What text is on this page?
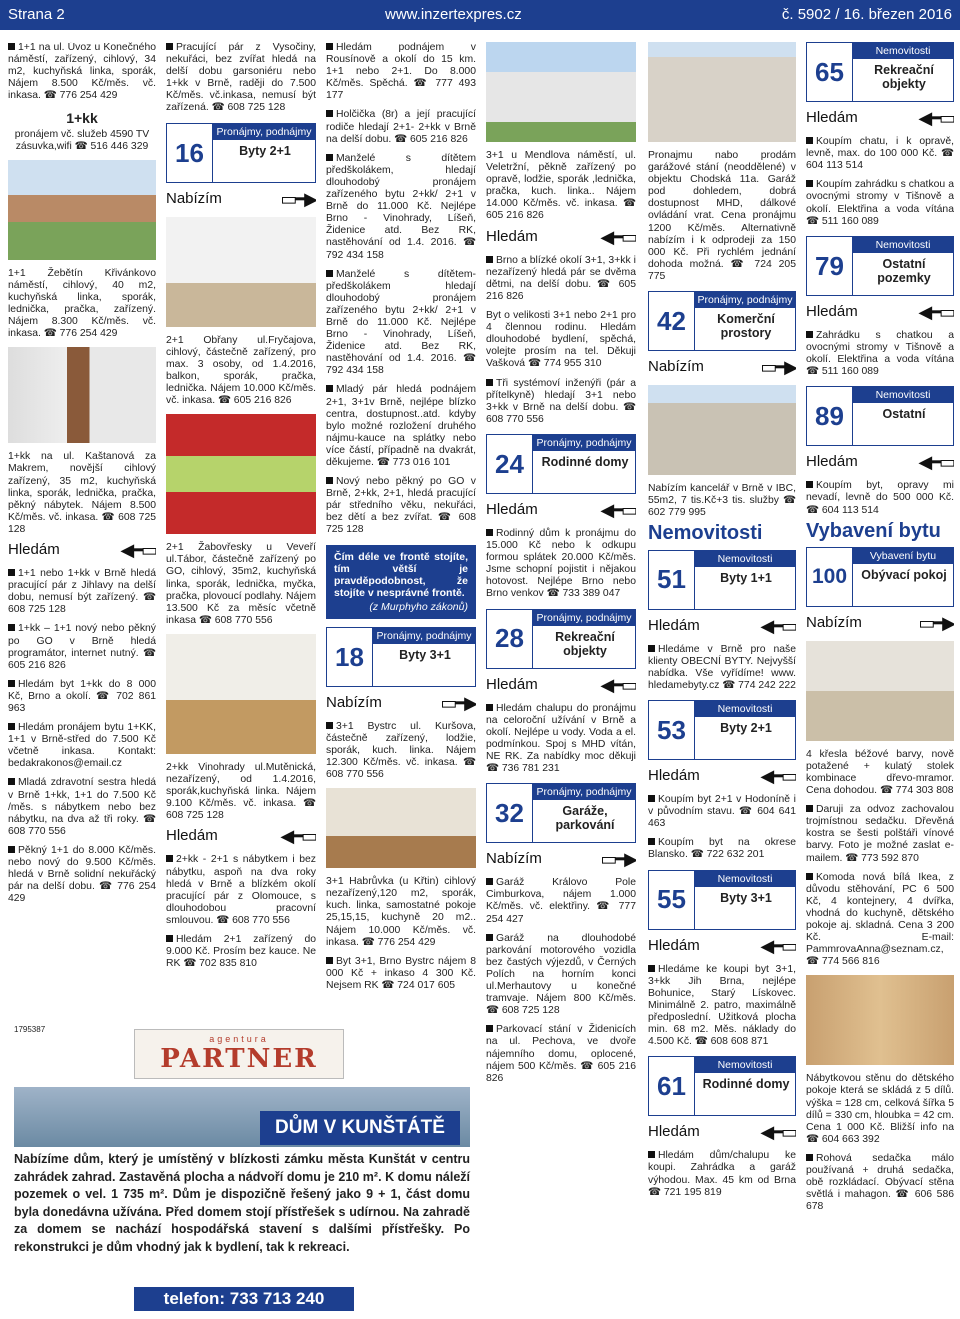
Strana 2	www.inzertexpres.cz	č. 5902 / 16. březen 2016
1+1 na ul. Úvoz u Konečného náměstí, zařízený, cihlový, 34 m2, kuchyňská linka, sporák, Nájem 8.500 Kč/měs. vč. inkasa. ☎ 776 254 429
1+kk
pronájem vč. služeb 4590 TV zásuvka,wifi ☎ 516 446 329
1+1 Žebětín Křivánkovo náměstí, cihlový, 40 m2, kuchyňská linka, sporák, lednička, pračka, zařízený. Nájem 8.300 Kč/měs. vč. inkasa. ☎ 776 254 429
1+kk na ul. Kaštanová za Makrem, novější cihlový zařízený, 35 m2, kuchyňská linka, sporák, lednička, pračka, pěkný nábytek. Nájem 8.500 Kč/měs. vč. inkasa. ☎ 608 725 128
Hledám	◀━▭
1+1 nebo 1+kk v Brně hledá pracující pár z Jihlavy na delší dobu, nemusí být zařízený. ☎ 608 725 128
1+kk – 1+1 nový nebo pěkný po GO v Brně hledá programátor, internet nutný. ☎ 605 216 826
Hledám byt 1+kk do 8 000 Kč, Brno a okolí. ☎ 702 861 963
Hledám pronájem bytu 1+KK, 1+1 v Brně-střed do 7.500 Kč včetně inkasa. Kontakt: bedakrakonos@email.cz
Mladá zdravotní sestra hledá v Brně 1+kk, 1+1 do 7.500 Kč /měs. s nábytkem nebo bez nábytku, na dva až tři roky. ☎ 608 770 556
Pěkný 1+1 do 8.000 Kč/měs. nebo nový do 9.500 Kč/měs. hledá v Brně solidní nekuřácký pár na delší dobu. ☎ 776 254 429
Pracující pár z Vysočiny, nekuřáci, bez zvířat hledá na delší dobu garsoniéru nebo 1+kk v Brně, raději do 7.500 Kč/měs. vč.inkasa, nemusí být zařízená. ☎ 608 725 128
16
Pronájmy, podnájmy
Byty 2+1
Nabízím	▭━▶
2+1 Obřany ul.Fryčajova, cihlový, částečně zařízený, pro max. 3 osoby, od 1.4.2016, balkon, sporák, pračka, lednička. Nájem 10.000 Kč/měs. vč. inkasa. ☎ 605 216 826
2+1 Žabovřesky u Veveří ul.Tábor, částečně zařízený po GO, cihlový, 35m2, kuchyňská linka, sporák, lednička, myčka, pračka, plovoucí podlahy. Nájem 13.500 Kč za měsíc včetně inkasa ☎ 608 770 556
2+kk Vinohrady ul.Mutěnická, nezařízený, od 1.4.2016, sporák,kuchyňská linka. Nájem 9.100 Kč/měs. vč. inkasa. ☎ 608 725 128
Hledám	◀━▭
2+kk - 2+1 s nábytkem i bez nábytku, aspoň na dva roky hledá v Brně a blízkém okolí pracující pár z Olomouce, s dlouhodobou pracovní smlouvou. ☎ 608 770 556
Hledám 2+1 zařízený do 9.000 Kč. Prosím bez kauce. Ne RK ☎ 702 835 810
Hledám podnájem v Rousínově a okolí do 15 km. 1+1 nebo 2+1. Do 8.000 Kč/měs. Spěchá. ☎ 777 493 177
Holčička (8r) a její pracující rodiče hledají 2+1- 2+kk v Brně na delší dobu. ☎ 605 216 826
Manželé s dítětem předškolákem, hledají dlouhodobý pronájem zařízeného bytu 2+kk/ 2+1 v Brně do 11.000 Kč. Nejlépe Brno - Vinohrady, Líšeň, Židenice atd. Bez RK, nastěhování od 1.4. 2016. ☎ 792 434 158
Manželé s dítětem-předškolákem hledají dlouhodobý pronájem zařízeného bytu 2+kk/ 2+1 v Brně do 11.000 Kč. Nejlépe Brno - Vinohrady, Líšeň, Židenice atd. Bez RK, nastěhování od 1.4. 2016. ☎ 792 434 158
Mladý pár hledá podnájem 2+1, 3+1v Brně, nejlépe blízko centra, dostupnost..atd. kdyby bylo možné rozložení druhého nájmu-kauce na splátky nebo více částí, případně na dvakrát, děkujeme. ☎ 773 016 101
Nový nebo pěkný po GO v Brně, 2+kk, 2+1, hledá pracující pár středního věku, nekuřáci, bez dětí a bez zvířat. ☎ 608 725 128
Čím déle ve frontě stojíte, tím větší je pravděpodobnost, že stojíte v nesprávné frontě.
(z Murphyho zákonů)
18
Pronájmy, podnájmy
Byty 3+1
Nabízím	▭━▶
3+1 Bystrc ul. Kuršova, částečně zařízený, lodžie, sporák, kuch. linka. Nájem 12.300 Kč/měs. vč. inkasa. ☎ 608 770 556
3+1 Habrůvka (u Křtin) cihlový nezařízený,120 m2, sporák, kuch. linka, samostatné pokoje 25,15,15, kuchyně 20 m2.. Nájem 10.000 Kč/měs. vč. inkasa. ☎ 776 254 429
Byt 3+1, Brno Bystrc nájem 8 000 Kč + inkaso 4 300 Kč. Nejsem RK ☎ 724 017 605
3+1 u Mendlova náměstí, ul. Veletržní, pěkně zařízený po opravě, lodžie, sporák ,lednička, pračka, kuch. linka.. Nájem 14.000 Kč/měs. vč. inkasa. ☎ 605 216 826
Hledám	◀━▭
Brno a blízké okolí 3+1, 3+kk i nezařízený hledá pár se dvěma dětmi, na delší dobu. ☎ 605 216 826
Byt o velikosti 3+1 nebo 2+1 pro 4 člennou rodinu. Hledám dlouhodobé bydlení, spěchá, volejte prosím na tel. Děkuji Vašková ☎ 774 955 310
Tři systémoví inženýři (pár a přítelkyně) hledají 3+1 nebo 3+kk v Brně na delší dobu. ☎ 608 770 556
24
Pronájmy, podnájmy
Rodinné domy
Hledám	◀━▭
Rodinný dům k pronájmu do 15.000 Kč nebo k odkupu formou splátek 20.000 Kč/měs. Jsme schopní pojistit i nějakou hotovost. Nejlépe Brno nebo Brno venkov ☎ 733 389 047
28
Pronájmy, podnájmy
Rekreační objekty
Hledám	◀━▭
Hledám chalupu do pronájmu na celoroční užívání v Brně a okolí. Nejlépe u vody. Voda a el. podmínkou. Spoj s MHD vítán, NE RK. Za nabídky moc děkuji ☎ 736 781 231
32
Pronájmy, podnájmy
Garáže, parkování
Nabízím	▭━▶
Garáž Královo Pole Cimburkova, nájem 1.000 Kč/měs. vč. elektřiny. ☎ 777 254 427
Garáž na dlouhodobé parkování motorového vozidla bez častých výjezdů, v Černých Polích na horním konci ul.Merhautovy u konečné tramvaje. Nájem 800 Kč/měs. ☎ 608 725 128
Parkovací stání v Židenicích na ul. Pechova, ve dvoře nájemního domu, oplocené, nájem 500 Kč/měs. ☎ 605 216 826
Pronajmu nabo prodám garážové stání (neoddělené) v objektu Chodská 11a. Garáž pod dohledem, dobrá dostupnost MHD, dálkové ovládání vrat. Cena pronájmu 1200 Kč/měs. Alternativně nabízím i k odprodeji za 150 000 Kč. Při rychlém jednání dohoda možná. ☎ 724 205 775
42
Pronájmy, podnájmy
Komerční prostory
Nabízím	▭━▶
Nabízím kancelář v Brně v IBC, 55m2, 7 tis.Kč+3 tis. služby ☎ 602 779 995
Nemovitosti
51
Nemovitosti
Byty 1+1
Hledám	◀━▭
Hledáme v Brně pro naše klienty OBECNÍ BYTY. Nejvyšší nabídka. Vše vyřídíme! www. hledamebyty.cz ☎ 774 242 222
53
Nemovitosti
Byty 2+1
Hledám	◀━▭
Koupím byt 2+1 v Hodoníně i v původním stavu. ☎ 604 641 463
Koupím byt na okrese Blansko. ☎ 722 632 201
55
Nemovitosti
Byty 3+1
Hledám	◀━▭
Hledáme ke koupi byt 3+1, 3+kk Jih Brna, nejlépe Bohunice, Starý Lískovec. Minimálně 2. patro, maximálně předposlední. Užitková plocha min. 68 m2. Měs. náklady do 4.500 Kč. ☎ 608 608 871
61
Nemovitosti
Rodinné domy
Hledám	◀━▭
Hledám dům/chalupu ke koupi. Zahrádka a garáž výhodou. Max. 45 km od Brna ☎ 721 195 819
65
Nemovitosti
Rekreační objekty
Hledám	◀━▭
Koupím chatu, i k opravě, levně, max. do 100 000 Kč. ☎ 604 113 514
Koupím zahrádku s chatkou a ovocnými stromy v Tišnově a okolí. Elektřina a voda vítána ☎ 511 160 089
79
Nemovitosti
Ostatní pozemky
Hledám	◀━▭
Zahrádku s chatkou a ovocnými stromy v Tišnově a okolí. Elektřina a voda vítána ☎ 511 160 089
89
Nemovitosti
Ostatní
Hledám	◀━▭
Koupím byt, opravy mi nevadí, levně do 500 000 Kč. ☎ 604 113 514
Vybavení bytu
100
Vybavení bytu
Obývací pokoj
Nabízím	▭━▶
4 křesla béžové barvy, nově potažené + kulatý stolek kombinace dřevo-mramor. Cena dohodou. ☎ 774 303 808
Daruji za odvoz zachovalou trojmístnou sedačku. Dřevěná kostra se šesti polštáři vínové barvy. Foto je možné zaslat e-mailem. ☎ 773 592 870
Komoda nová bílá Ikea, z důvodu stěhování, PC 6 500 Kč, 4 kontejnery, 4 dvířka, vhodná do kuchyně, dětského pokoje aj. skladná. Cena 3 200 Kč. E-mail: PammrovaAnna@seznam.cz, ☎ 774 566 816
Nábytkovou stěnu do dětského pokoje která se skládá z 5 dílů. výška = 128 cm, celková šířka 5 dílů = 330 cm, hloubka = 42 cm. Cena 1 000 Kč. Bližší info na ☎ 604 663 392
Rohová sedačka málo používaná + druhá sedačka, obě rozkládací. Obývací stěna světlá i mahagon. ☎ 606 586 678
1795387
agentura
PARTNER
DŮM V KUNŠTÁTĚ
Nabízíme dům, který je umístěný v blízkosti zámku města Kunštát v centru zahrádek zahrad. Zastavěná plocha a nádvoří domu je 210 m². K domu náleží pozemek o vel. 1 735 m². Dům je dispozičně řešený jako 9 + 1, část domu byla donedávna užívána. Před domem stojí přístřešek s udírnou. Na zahradě za domem se nachází hospodářská stavení s dalšími přístřešky. Po rekonstrukci je dům vhodný jak k bydlení, tak k rekreaci.
telefon: 733 713 240
